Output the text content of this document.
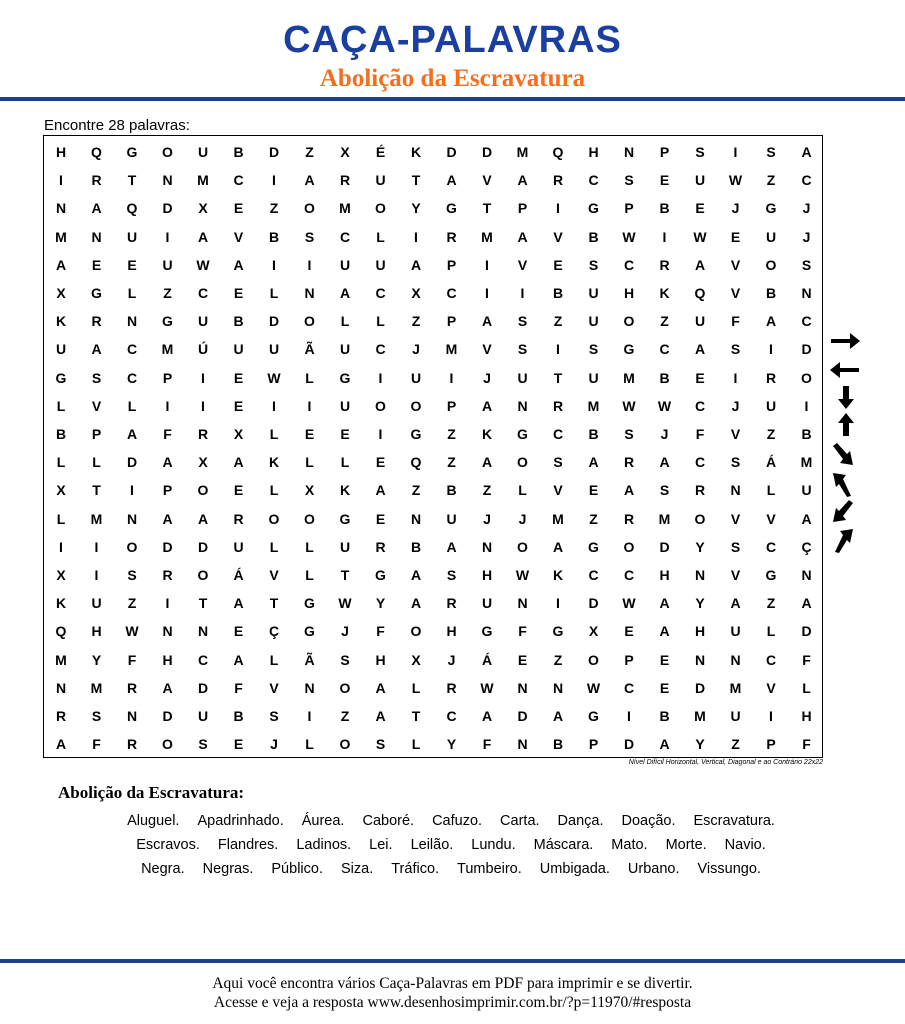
CAÇA-PALAVRAS
Abolição da Escravatura
Encontre 28 palavras:
H	Q	G	O	U	B	D	Z	X	É	K	D	D	M	Q	H	N	P	S	I	S	A
I	R	T	N	M	C	I	A	R	U	T	A	V	A	R	C	S	E	U	W	Z	C
N	A	Q	D	X	E	Z	O	M	O	Y	G	T	P	I	G	P	B	E	J	G	J
M	N	U	I	A	V	B	S	C	L	I	R	M	A	V	B	W	I	W	E	U	J
A	E	E	U	W	A	I	I	U	U	A	P	I	V	E	S	C	R	A	V	O	S
X	G	L	Z	C	E	L	N	A	C	X	C	I	I	B	U	H	K	Q	V	B	N
K	R	N	G	U	B	D	O	L	L	Z	P	A	S	Z	U	O	Z	U	F	A	C
U	A	C	M	Ú	U	U	Ã	U	C	J	M	V	S	I	S	G	C	A	S	I	D
G	S	C	P	I	E	W	L	G	I	U	I	J	U	T	U	M	B	E	I	R	O
L	V	L	I	I	E	I	I	U	O	O	P	A	N	R	M	W	W	C	J	U	I
B	P	A	F	R	X	L	E	E	I	G	Z	K	G	C	B	S	J	F	V	Z	B
L	L	D	A	X	A	K	L	L	E	Q	Z	A	O	S	A	R	A	C	S	Á	M
X	T	I	P	O	E	L	X	K	A	Z	B	Z	L	V	E	A	S	R	N	L	U
L	M	N	A	A	R	O	O	G	E	N	U	J	J	M	Z	R	M	O	V	V	A
I	I	O	D	D	U	L	L	U	R	B	A	N	O	A	G	O	D	Y	S	C	Ç
X	I	S	R	O	Á	V	L	T	G	A	S	H	W	K	C	C	H	N	V	G	N
K	U	Z	I	T	A	T	G	W	Y	A	R	U	N	I	D	W	A	Y	A	Z	A
Q	H	W	N	N	E	Ç	G	J	F	O	H	G	F	G	X	E	A	H	U	L	D
M	Y	F	H	C	A	L	Ã	S	H	X	J	Á	E	Z	O	P	E	N	N	C	F
N	M	R	A	D	F	V	N	O	A	L	R	W	N	N	W	C	E	D	M	V	L
R	S	N	D	U	B	S	I	Z	A	T	C	A	D	A	G	I	B	M	U	I	H
A	F	R	O	S	E	J	L	O	S	L	Y	F	N	B	P	D	A	Y	Z	P	F
Nível Difícil Horizontal, Vertical, Diagonal e ao Contrário 22x22
Abolição da Escravatura:
Aluguel. Apadrinhado. Áurea. Caboré. Cafuzo. Carta. Dança. Doação. Escravatura.
Escravos. Flandres. Ladinos. Lei. Leilão. Lundu. Máscara. Mato. Morte. Navio.
Negra. Negras. Público. Siza. Tráfico. Tumbeiro. Umbigada. Urbano. Vissungo.
Aqui você encontra vários Caça-Palavras em PDF para imprimir e se divertir.
Acesse e veja a resposta www.desenhosimprimir.com.br/?p=11970/#resposta
